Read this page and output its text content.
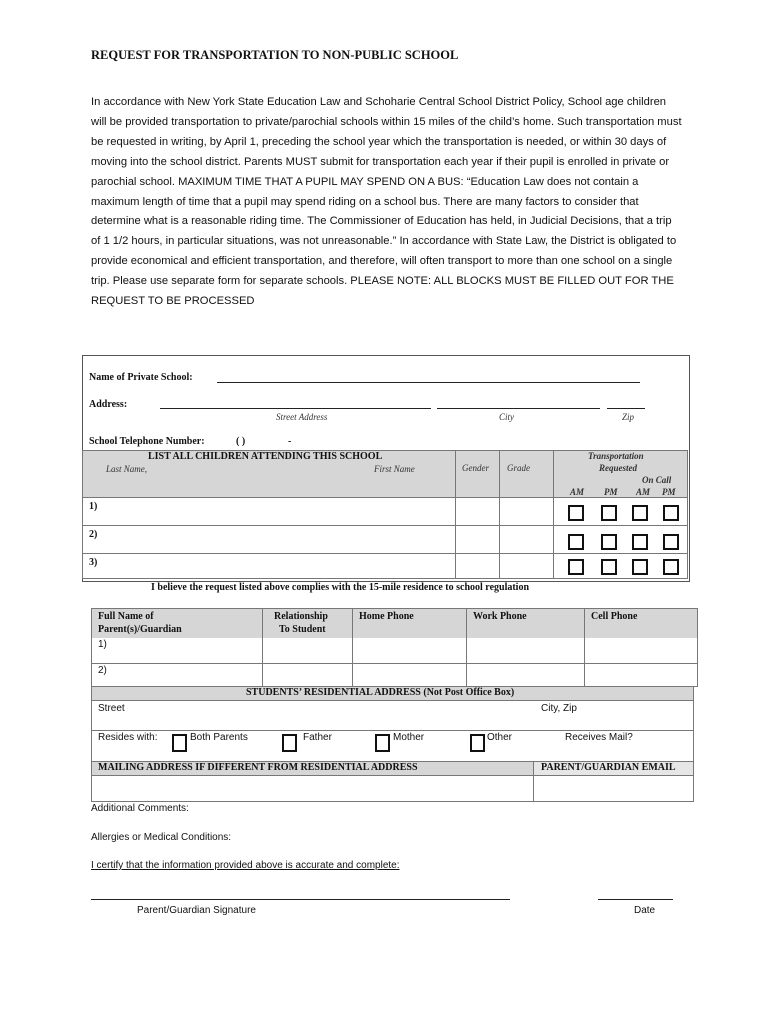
REQUEST FOR TRANSPORTATION TO NON-PUBLIC SCHOOL
In accordance with New York State Education Law and Schoharie Central School District Policy, School age children will be provided transportation to private/parochial schools within 15 miles of the child’s home. Such transportation must be requested in writing, by April 1, preceding the school year which the transportation is needed, or within 30 days of moving into the school district. Parents MUST submit for transportation each year if their pupil is enrolled in private or parochial school. MAXIMUM TIME THAT A PUPIL MAY SPEND ON A BUS: “Education Law does not contain a maximum length of time that a pupil may spend riding on a school bus. There are many factors to consider that determine what is a reasonable riding time. The Commissioner of Education has held, in Judicial Decisions, that a trip of 1 1/2 hours, in particular situations, was not unreasonable.” In accordance with State Law, the District is obligated to provide economical and efficient transportation, and therefore, will often transport to more than one school on a single trip. Please use separate form for separate schools. PLEASE NOTE: ALL BLOCKS MUST BE FILLED OUT FOR THE REQUEST TO BE PROCESSED
Name of Private School:
Address:
Street Address	City	Zip
School Telephone Number:	( )	-
LIST ALL CHILDREN ATTENDING THIS SCHOOL
Last Name,	First Name	Gender Grade
Transportation
Requested
On Call
AM PM AM PM
1)
2)
3)
I believe the request listed above complies with the 15-mile residence to school regulation
Full Name of
Parent(s)/Guardian
Relationship
To Student
Home Phone	Work Phone	Cell Phone
1)
2)
STUDENTS’ RESIDENTIAL ADDRESS (Not Post Office Box)
Street	City, Zip
Resides with:	Both Parents	Father	Mother	Other	Receives Mail?
MAILING ADDRESS IF DIFFERENT FROM RESIDENTIAL ADDRESS	PARENT/GUARDIAN EMAIL
Additional Comments:
Allergies or Medical Conditions:
I certify that the information provided above is accurate and complete:
Parent/Guardian Signature	Date
